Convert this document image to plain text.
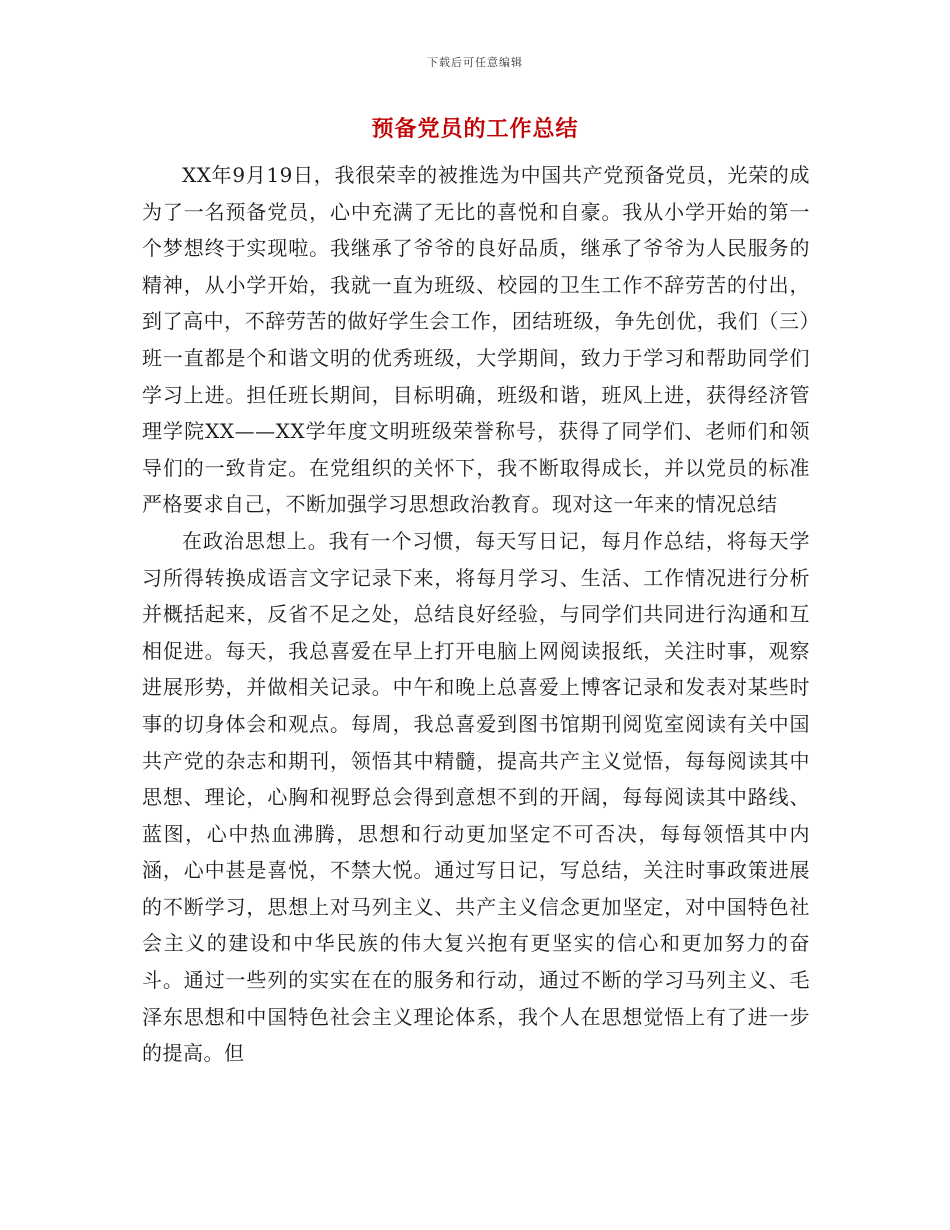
下载后可任意编辑
预备党员的工作总结

XX年9月19日，我很荣幸的被推选为中国共产党预备党员，光荣的成为了一名预备党员，心中充满了无比的喜悦和自豪。我从小学开始的第一个梦想终于实现啦。我继承了爷爷的良好品质，继承了爷爷为人民服务的精神，从小学开始，我就一直为班级、校园的卫生工作不辞劳苦的付出，到了高中，不辞劳苦的做好学生会工作，团结班级，争先创优，我们（三）班一直都是个和谐文明的优秀班级，大学期间，致力于学习和帮助同学们学习上进。担任班长期间，目标明确，班级和谐，班风上进，获得经济管理学院XX——XX学年度文明班级荣誉称号，获得了同学们、老师们和领导们的一致肯定。在党组织的关怀下，我不断取得成长，并以党员的标准严格要求自己，不断加强学习思想政治教育。现对这一年来的情况总结

在政治思想上。我有一个习惯，每天写日记，每月作总结，将每天学习所得转换成语言文字记录下来，将每月学习、生活、工作情况进行分析并概括起来，反省不足之处，总结良好经验，与同学们共同进行沟通和互相促进。每天，我总喜爱在早上打开电脑上网阅读报纸，关注时事，观察进展形势，并做相关记录。中午和晚上总喜爱上博客记录和发表对某些时事的切身体会和观点。每周，我总喜爱到图书馆期刊阅览室阅读有关中国共产党的杂志和期刊，领悟其中精髓，提高共产主义觉悟，每每阅读其中思想、理论，心胸和视野总会得到意想不到的开阔，每每阅读其中路线、蓝图，心中热血沸腾，思想和行动更加坚定不可否决，每每领悟其中内涵，心中甚是喜悦，不禁大悦。通过写日记，写总结，关注时事政策进展的不断学习，思想上对马列主义、共产主义信念更加坚定，对中国特色社会主义的建设和中华民族的伟大复兴抱有更坚实的信心和更加努力的奋斗。通过一些列的实实在在的服务和行动，通过不断的学习马列主义、毛泽东思想和中国特色社会主义理论体系，我个人在思想觉悟上有了进一步的提高。但
